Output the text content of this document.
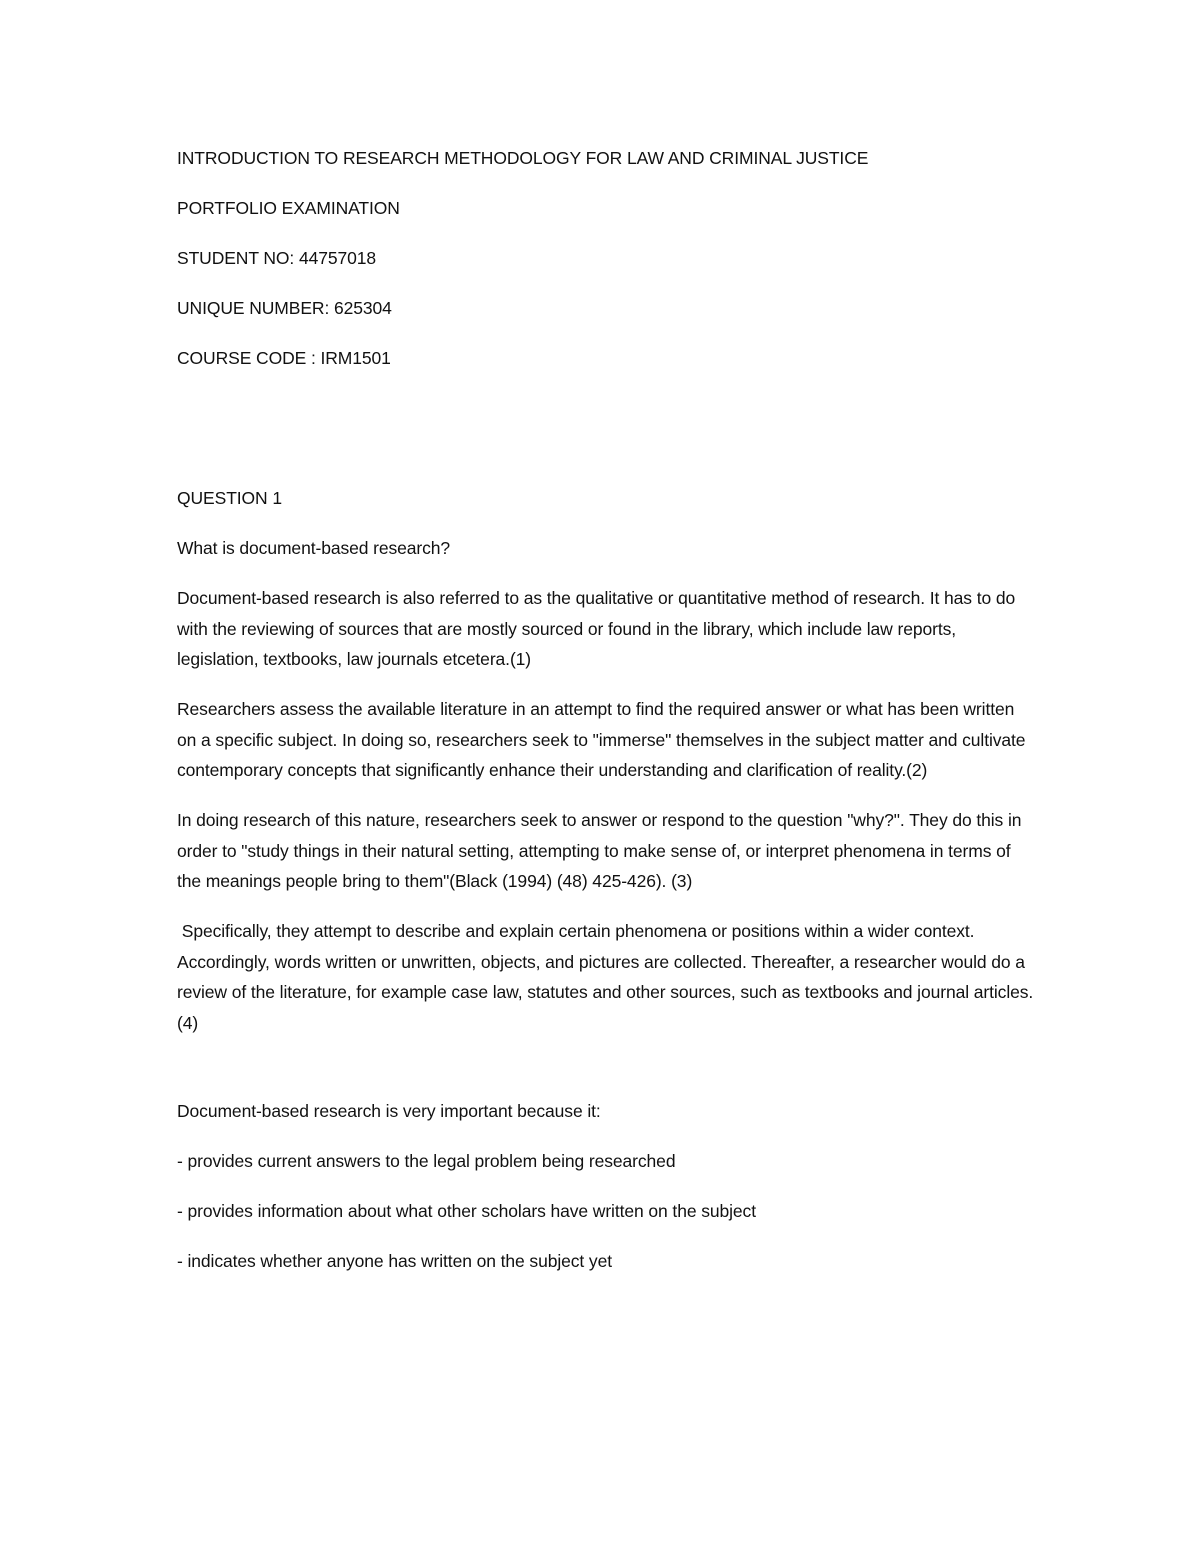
INTRODUCTION TO RESEARCH METHODOLOGY FOR LAW AND CRIMINAL JUSTICE

PORTFOLIO EXAMINATION

STUDENT NO: 44757018

UNIQUE NUMBER: 625304

COURSE CODE : IRM1501

QUESTION 1

What is document-based research?

Document-based research is also referred to as the qualitative or quantitative method of research. It has to do with the reviewing of sources that are mostly sourced or found in the library, which include law reports, legislation, textbooks, law journals etcetera.(1)

Researchers assess the available literature in an attempt to find the required answer or what has been written on a specific subject. In doing so, researchers seek to "immerse" themselves in the subject matter and cultivate contemporary concepts that significantly enhance their understanding and clarification of reality.(2)

In doing research of this nature, researchers seek to answer or respond to the question "why?". They do this in order to "study things in their natural setting, attempting to make sense of, or interpret phenomena in terms of the meanings people bring to them"(Black (1994) (48) 425-426). (3)

Specifically, they attempt to describe and explain certain phenomena or positions within a wider context. Accordingly, words written or unwritten, objects, and pictures are collected. Thereafter, a researcher would do a review of the literature, for example case law, statutes and other sources, such as textbooks and journal articles.(4)

Document-based research is very important because it:

- provides current answers to the legal problem being researched

- provides information about what other scholars have written on the subject

- indicates whether anyone has written on the subject yet
